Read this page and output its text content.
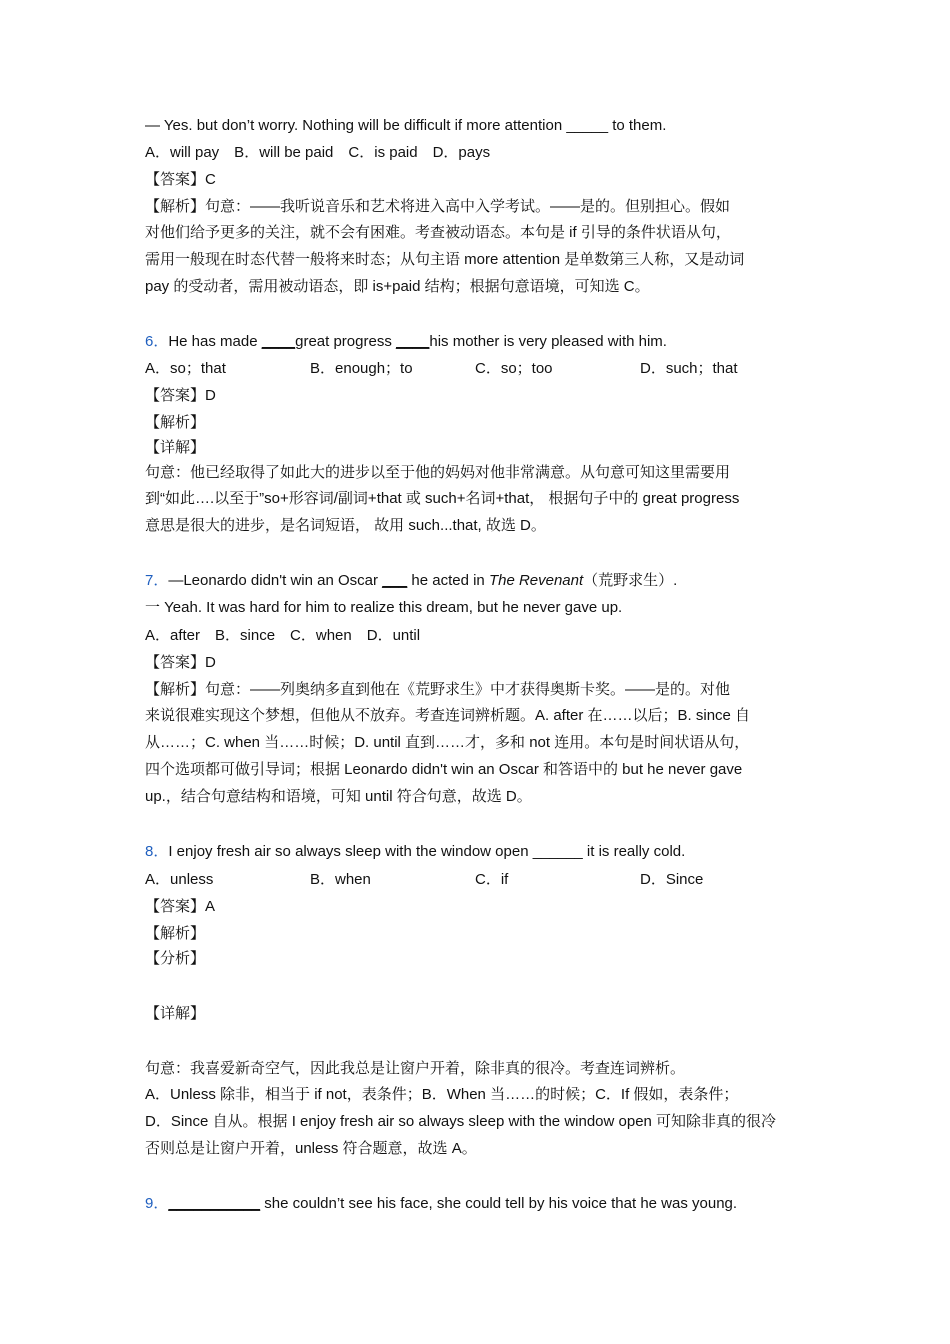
— Yes. but don’t worry. Nothing will be difficult if more attention _____ to them.
A．will pay　B．will be paid　C．is paid　D．pays
【答案】C
【解析】句意：——我听说音乐和艺术将进入高中入学考试。——是的。但别担心。假如
对他们给予更多的关注，就不会有困难。考查被动语态。本句是 if 引导的条件状语从句，
需用一般现在时态代替一般将来时态；从句主语 more attention 是单数第三人称，又是动词
pay 的受动者，需用被动语态，即 is+paid 结构；根据句意语境，可知选 C。
6．He has made ____great progress ____his mother is very pleased with him.
A．so；that	B．enough；to	C．so；too	D．such；that
【答案】D
【解析】
【详解】
句意：他已经取得了如此大的进步以至于他的妈妈对他非常满意。从句意可知这里需要用
到“如此….以至于”so+形容词/副词+that 或 such+名词+that， 根据句子中的 great progress
意思是很大的进步，是名词短语， 故用 such...that, 故选 D。
7．—Leonardo didn't win an Oscar ___ he acted in The Revenant（荒野求生）.
一 Yeah. It was hard for him to realize this dream, but he never gave up.
A．after　B．since　C．when　D．until
【答案】D
【解析】句意：——列奥纳多直到他在《荒野求生》中才获得奥斯卡奖。——是的。对他
来说很难实现这个梦想，但他从不放弃。考查连词辨析题。A. after 在……以后；B. since 自
从……；C. when 当……时候；D. until 直到……才，多和 not 连用。本句是时间状语从句，
四个选项都可做引导词；根据 Leonardo didn't win an Oscar 和答语中的 but he never gave
up.，结合句意结构和语境，可知 until 符合句意，故选 D。
8．I enjoy fresh air so always sleep with the window open ______ it is really cold.
A．unless	B．when	C．if	D．Since
【答案】A
【解析】
【分析】
【详解】
句意：我喜爱新奇空气，因此我总是让窗户开着，除非真的很冷。考查连词辨析。
A．Unless 除非，相当于 if not，表条件；B．When 当……的时候；C．If 假如，表条件；
D．Since 自从。根据 I enjoy fresh air so always sleep with the window open 可知除非真的很冷
否则总是让窗户开着，unless 符合题意，故选 A。
9．___________ she couldn’t see his face, she could tell by his voice that he was young.
